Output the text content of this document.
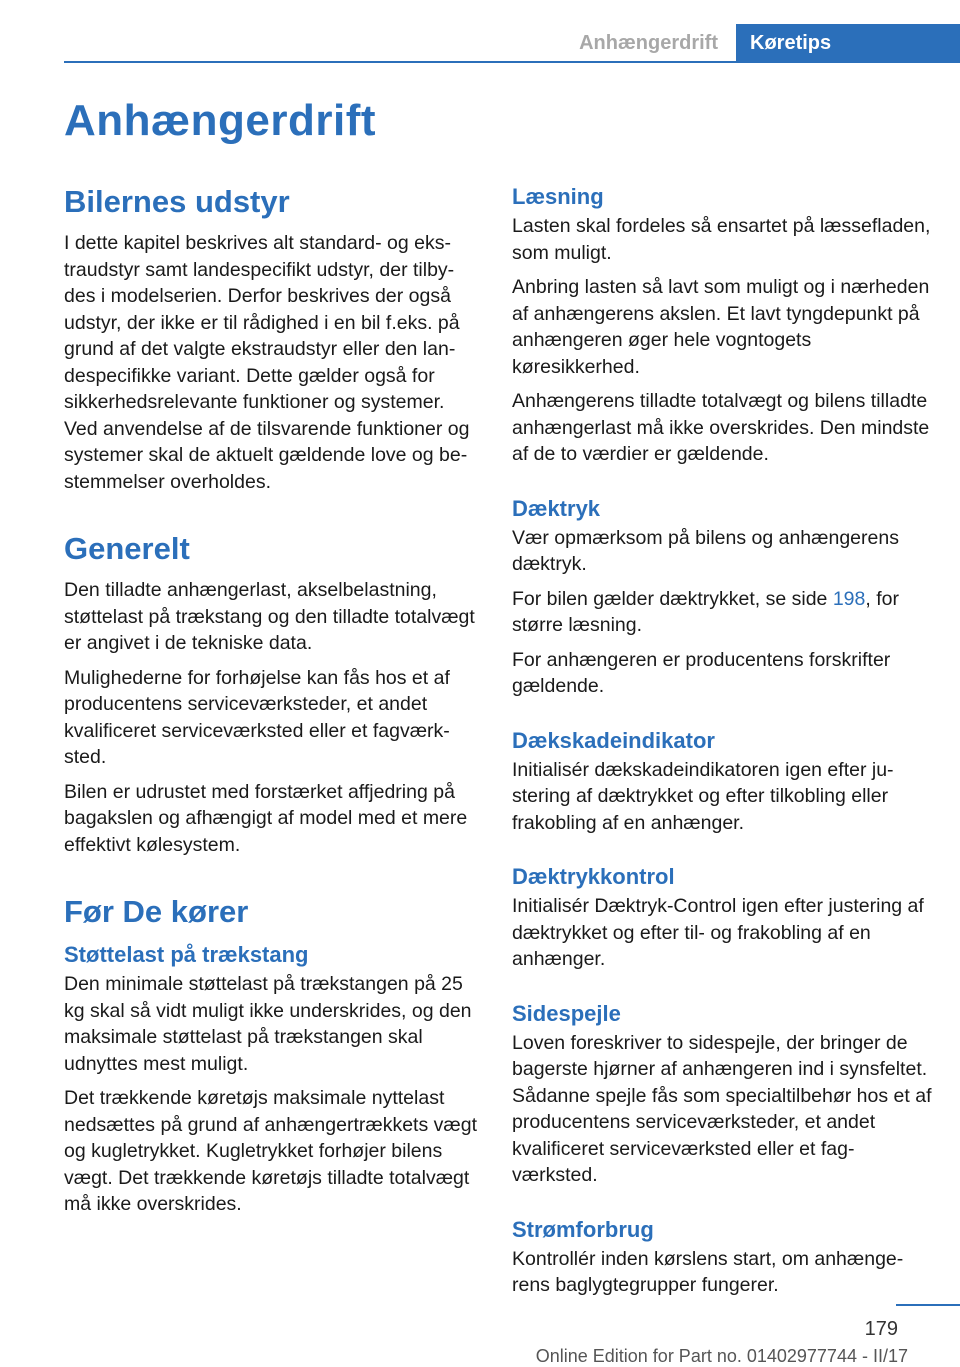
Anhængerdrift	Køretips
Anhængerdrift
Bilernes udstyr

I dette kapitel beskrives alt standard- og ekstraudstyr samt landespecifikt udstyr, der tilbydes i modelserien. Derfor beskrives der også udstyr, der ikke er til rådighed i en bil f.eks. på grund af det valgte ekstraudstyr eller den landespecifikke variant. Dette gælder også for sikkerhedsrelevante funktioner og systemer. Ved anvendelse af de tilsvarende funktioner og systemer skal de aktuelt gældende love og bestemmelser overholdes.

Generelt

Den tilladte anhængerlast, akselbelastning, støttelast på trækstang og den tilladte totalvægt er angivet i de tekniske data.

Mulighederne for forhøjelse kan fås hos et af producentens serviceværksteder, et andet kvalificeret serviceværksted eller et fagværksted.

Bilen er udrustet med forstærket affjedring på bagakslen og afhængigt af model med et mere effektivt kølesystem.

Før De kører
Støttelast på trækstang

Den minimale støttelast på trækstangen på 25 kg skal så vidt muligt ikke underskrides, og den maksimale støttelast på trækstangen skal udnyttes mest muligt.

Det trækkende køretøjs maksimale nyttelast nedsættes på grund af anhængertrækkets vægt og kugletrykket. Kugletrykket forhøjer bilens vægt. Det trækkende køretøjs tilladte totalvægt må ikke overskrides.

Læsning

Lasten skal fordeles så ensartet på læssefladen, som muligt.

Anbring lasten så lavt som muligt og i nærheden af anhængerens akslen. Et lavt tyngdepunkt på anhængeren øger hele vogntogets køresikkerhed.

Anhængerens tilladte totalvægt og bilens tilladte anhængerlast må ikke overskrides. Den mindste af de to værdier er gældende.

Dæktryk

Vær opmærksom på bilens og anhængerens dæktryk.

For bilen gælder dæktrykket, se side 198, for større læsning.

For anhængeren er producentens forskrifter gældende.

Dækskadeindikator

Initialisér dækskadeindikatoren igen efter justering af dæktrykket og efter tilkobling eller frakobling af en anhænger.

Dæktrykkontrol

Initialisér Dæktryk-Control igen efter justering af dæktrykket og efter til- og frakobling af en anhænger.

Sidespejle

Loven foreskriver to sidespejle, der bringer de bagerste hjørner af anhængeren ind i synsfeltet. Sådanne spejle fås som specialtilbehør hos et af producentens serviceværksteder, et andet kvalificeret serviceværksted eller et fagværksted.

Strømforbrug

Kontrollér inden kørslens start, om anhængerens baglygtegrupper fungerer.

179
Online Edition for Part no. 01402977744 - II/17
